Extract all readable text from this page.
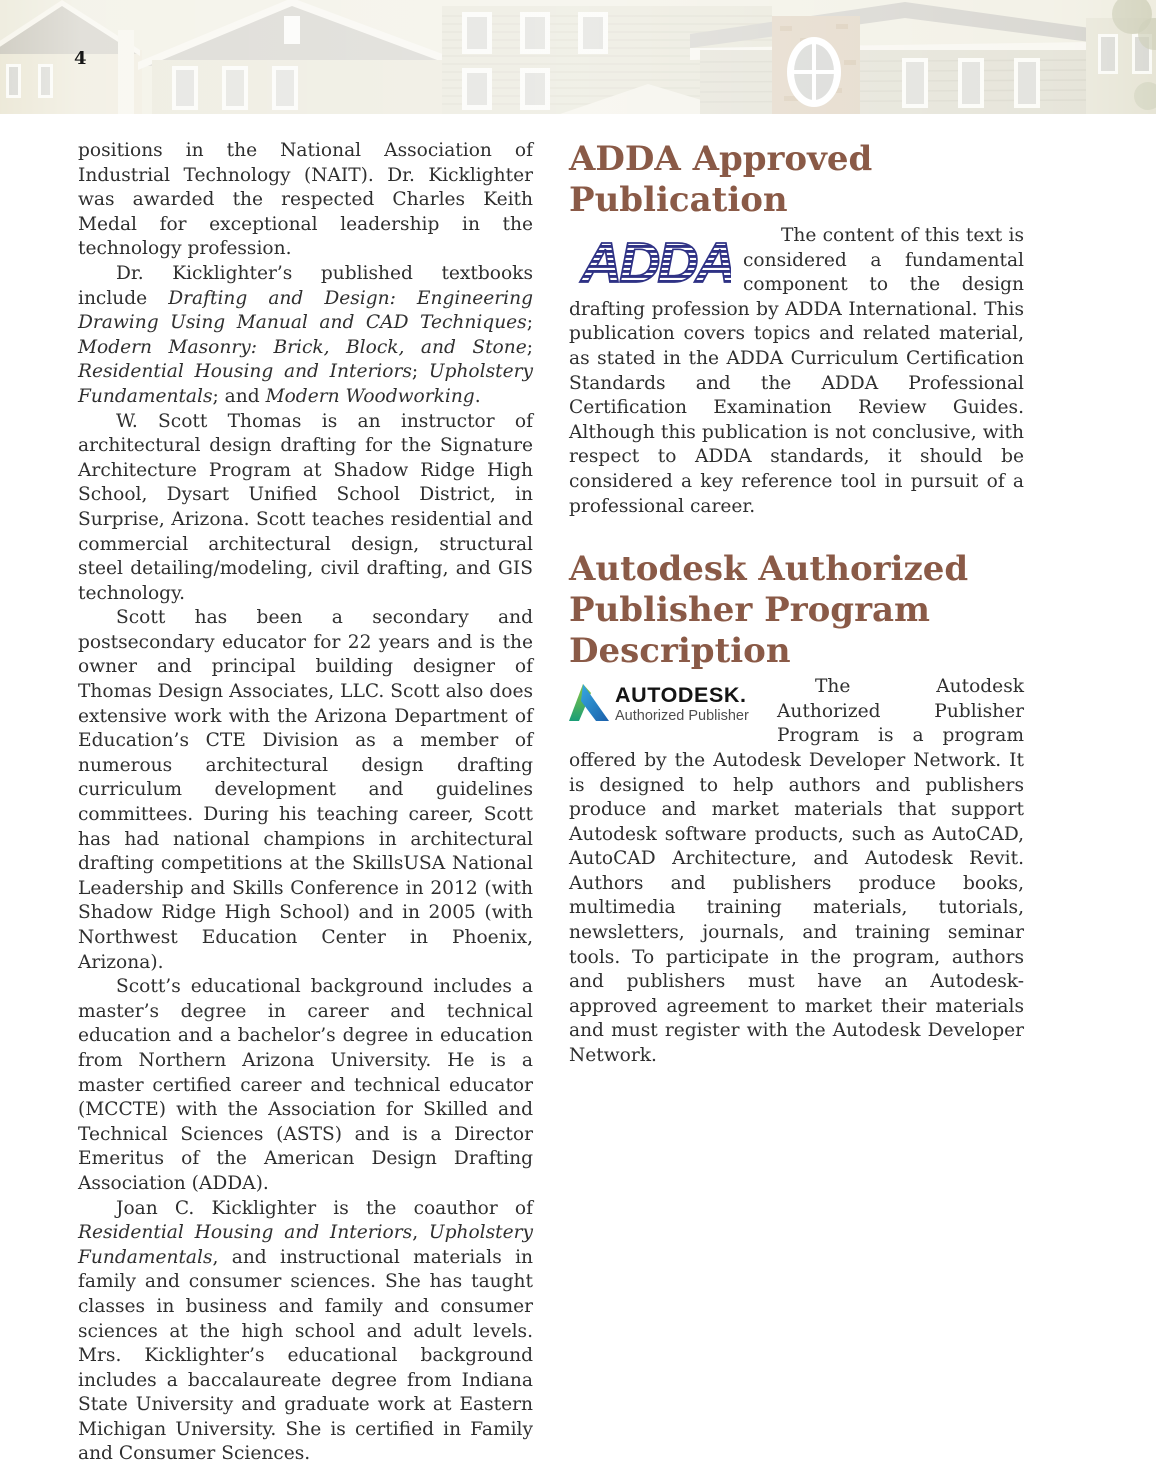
4

positions in the National Association of Industrial Technology (NAIT). Dr. Kicklighter was awarded the respected Charles Keith Medal for exceptional leadership in the technology profession.

Dr. Kicklighter’s published textbooks include Drafting and Design: Engineering Drawing Using Manual and CAD Techniques; Modern Masonry: Brick, Block, and Stone; Residential Housing and Interiors; Upholstery Fundamentals; and Modern Woodworking.

W. Scott Thomas is an instructor of architectural design drafting for the Signature Architecture Program at Shadow Ridge High School, Dysart Unified School District, in Surprise, Arizona. Scott teaches residential and commercial architectural design, structural steel detailing/modeling, civil drafting, and GIS technology.

Scott has been a secondary and postsecondary educator for 22 years and is the owner and principal building designer of Thomas Design Associates, LLC. Scott also does extensive work with the Arizona Department of Education’s CTE Division as a member of numerous architectural design drafting curriculum development and guidelines committees. During his teaching career, Scott has had national champions in architectural drafting competitions at the SkillsUSA National Leadership and Skills Conference in 2012 (with Shadow Ridge High School) and in 2005 (with Northwest Education Center in Phoenix, Arizona).

Scott’s educational background includes a master’s degree in career and technical education and a bachelor’s degree in education from Northern Arizona University. He is a master certified career and technical educator (MCCTE) with the Association for Skilled and Technical Sciences (ASTS) and is a Director Emeritus of the American Design Drafting Association (ADDA).

Joan C. Kicklighter is the coauthor of Residential Housing and Interiors, Upholstery Fundamentals, and instructional materials in family and consumer sciences. She has taught classes in business and family and consumer sciences at the high school and adult levels. Mrs. Kicklighter’s educational background includes a baccalaureate degree from Indiana State University and graduate work at Eastern Michigan University. She is certified in Family and Consumer Sciences.

ADDA Approved Publication
ADDA	The content of this text is considered a fundamental component to the design drafting profession by ADDA International. This publication covers topics and related material, as stated in the ADDA Curriculum Certification Standards and the ADDA Professional Certification Examination Review Guides. Although this publication is not conclusive, with respect to ADDA standards, it should be considered a key reference tool in pursuit of a professional career.

Autodesk Authorized Publisher Program Description
AUTODESK.
Authorized Publisher

The Autodesk Authorized Publisher Program is a program offered by the Autodesk Developer Network. It is designed to help authors and publishers produce and market materials that support Autodesk software products, such as AutoCAD, AutoCAD Architecture, and Autodesk Revit. Authors and publishers produce books, multimedia training materials, tutorials, newsletters, journals, and training seminar tools. To participate in the program, authors and publishers must have an Autodesk-approved agreement to market their materials and must register with the Autodesk Developer Network.
